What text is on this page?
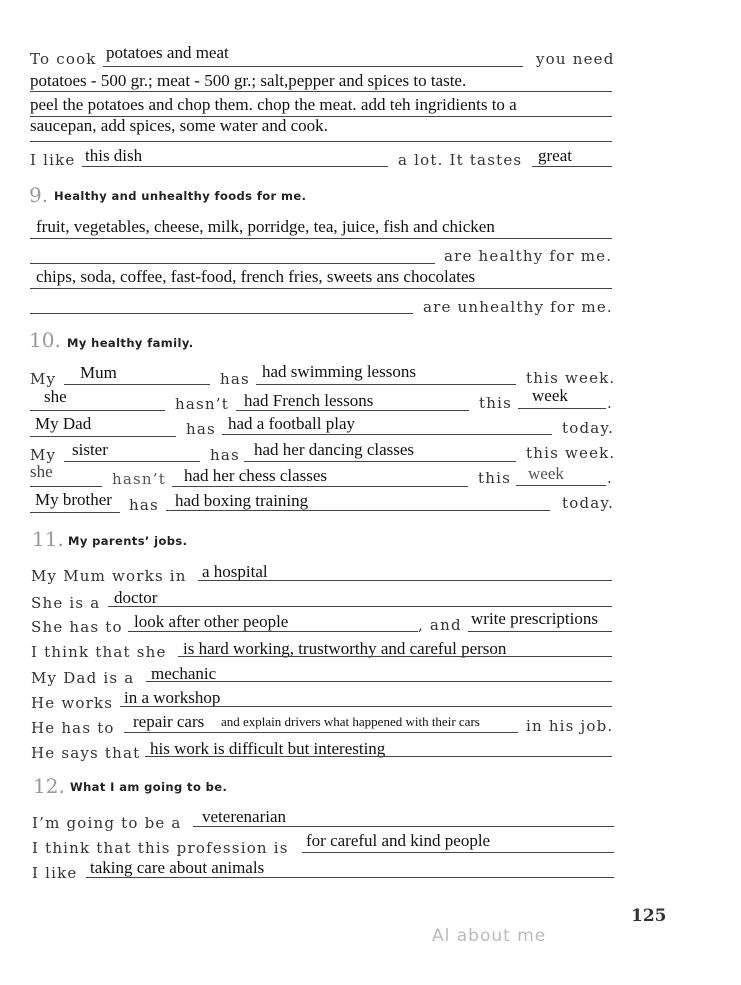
To cook potatoes and meat	you need
potatoes - 500 gr.; meat - 500 gr.; salt,pepper and spices to taste.
peel the potatoes and chop them. chop the meat. add teh ingridients to a
saucepan, add spices, some water and cook.
I like this dish	a lot. It tastes great
9. Healthy and unhealthy foods for me.
fruit, vegetables, cheese, milk, porridge, tea, juice, fish and chicken
are healthy for me.
chips, soda, coffee, fast-food, french fries, sweets ans chocolates
are unhealthy for me.
10. My healthy family.
My Mum	has had swimming lessons	this week.
she	hasn’t had French lessons	this week	.
My Dad	has had a football play	today.
My sister	has had her dancing classes	this week.
she	hasn’t had her chess classes	this week	.
My brother has had boxing training	today.
11. My parents’ jobs.
My Mum works in a hospital
She is a doctor
She has to look after other people	, and write prescriptions
I think that she is hard working, trustworthy and careful person
My Dad is a mechanic
He works in a workshop
He has to repair cars and explain drivers what happened with their cars	in his job.
He says that his work is difficult but interesting
12. What I am going to be.
I’m going to be a veterenarian
I think that this profession is for careful and kind people
I like taking care about animals
125
Al about me
